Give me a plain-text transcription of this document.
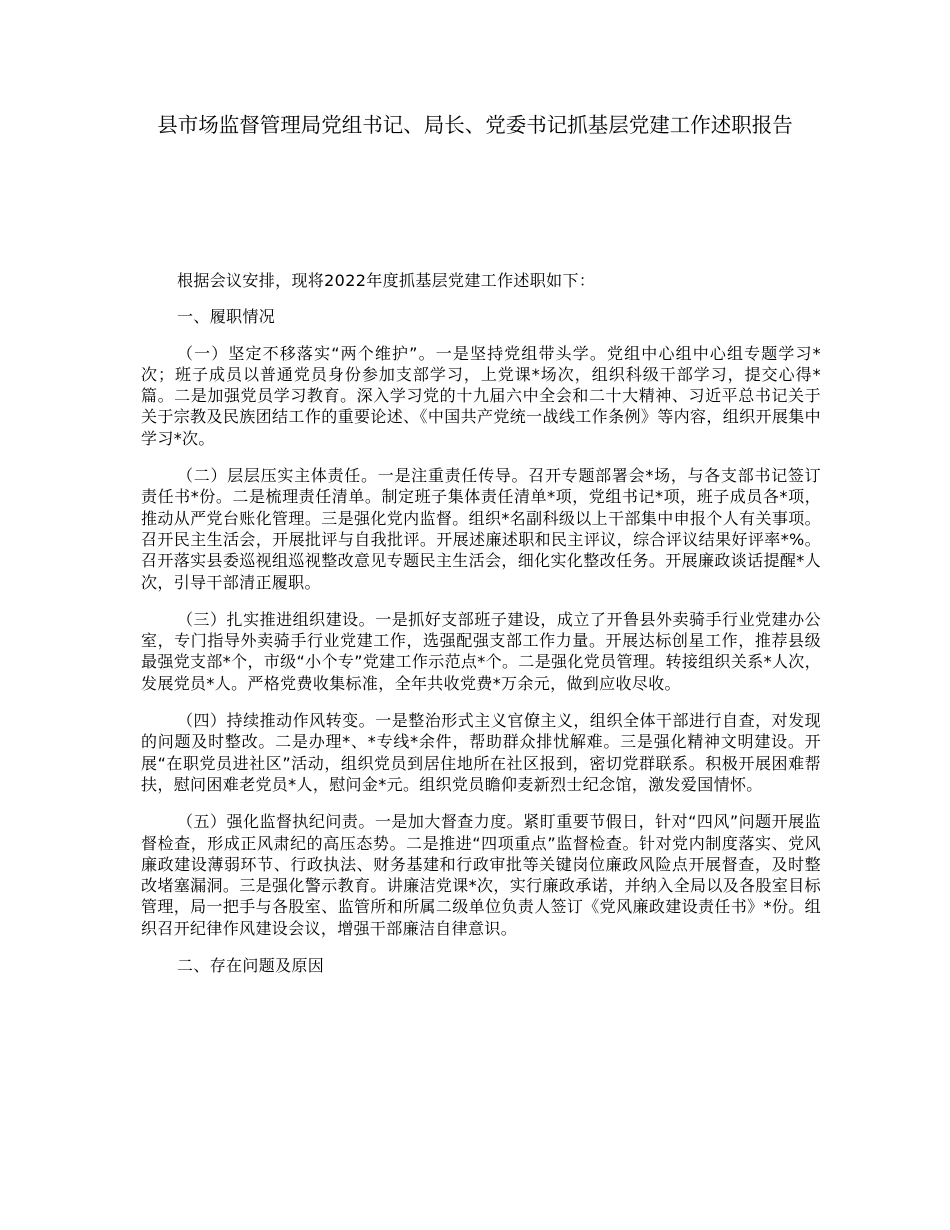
县市场监督管理局党组书记、局长、党委书记抓基层党建工作述职报告

根据会议安排，现将2022年度抓基层党建工作述职如下：

一、履职情况

（一）坚定不移落实“两个维护”。一是坚持党组带头学。党组中心组中心组专题学习*次；班子成员以普通党员身份参加支部学习，上党课*场次，组织科级干部学习，提交心得*篇。二是加强党员学习教育。深入学习党的十九届六中全会和二十大精神、习近平总书记关于关于宗教及民族团结工作的重要论述、《中国共产党统一战线工作条例》等内容，组织开展集中学习*次。

（二）层层压实主体责任。一是注重责任传导。召开专题部署会*场，与各支部书记签订责任书*份。二是梳理责任清单。制定班子集体责任清单*项，党组书记*项，班子成员各*项，推动从严党台账化管理。三是强化党内监督。组织*名副科级以上干部集中申报个人有关事项。召开民主生活会，开展批评与自我批评。开展述廉述职和民主评议，综合评议结果好评率*%。召开落实县委巡视组巡视整改意见专题民主生活会，细化实化整改任务。开展廉政谈话提醒*人次，引导干部清正履职。

（三）扎实推进组织建设。一是抓好支部班子建设，成立了开鲁县外卖骑手行业党建办公室，专门指导外卖骑手行业党建工作，选强配强支部工作力量。开展达标创星工作，推荐县级最强党支部*个，市级“小个专”党建工作示范点*个。二是强化党员管理。转接组织关系*人次，发展党员*人。严格党费收集标准，全年共收党费*万余元，做到应收尽收。

（四）持续推动作风转变。一是整治形式主义官僚主义，组织全体干部进行自查，对发现的问题及时整改。二是办理*、*专线*余件，帮助群众排忧解难。三是强化精神文明建设。开展“在职党员进社区”活动，组织党员到居住地所在社区报到，密切党群联系。积极开展困难帮扶，慰问困难老党员*人，慰问金*元。组织党员瞻仰麦新烈士纪念馆，激发爱国情怀。

（五）强化监督执纪问责。一是加大督查力度。紧盯重要节假日，针对“四风”问题开展监督检查，形成正风肃纪的高压态势。二是推进“四项重点”监督检查。针对党内制度落实、党风廉政建设薄弱环节、行政执法、财务基建和行政审批等关键岗位廉政风险点开展督查，及时整改堵塞漏洞。三是强化警示教育。讲廉洁党课*次，实行廉政承诺，并纳入全局以及各股室目标管理，局一把手与各股室、监管所和所属二级单位负责人签订《党风廉政建设责任书》*份。组织召开纪律作风建设会议，增强干部廉洁自律意识。

二、存在问题及原因
